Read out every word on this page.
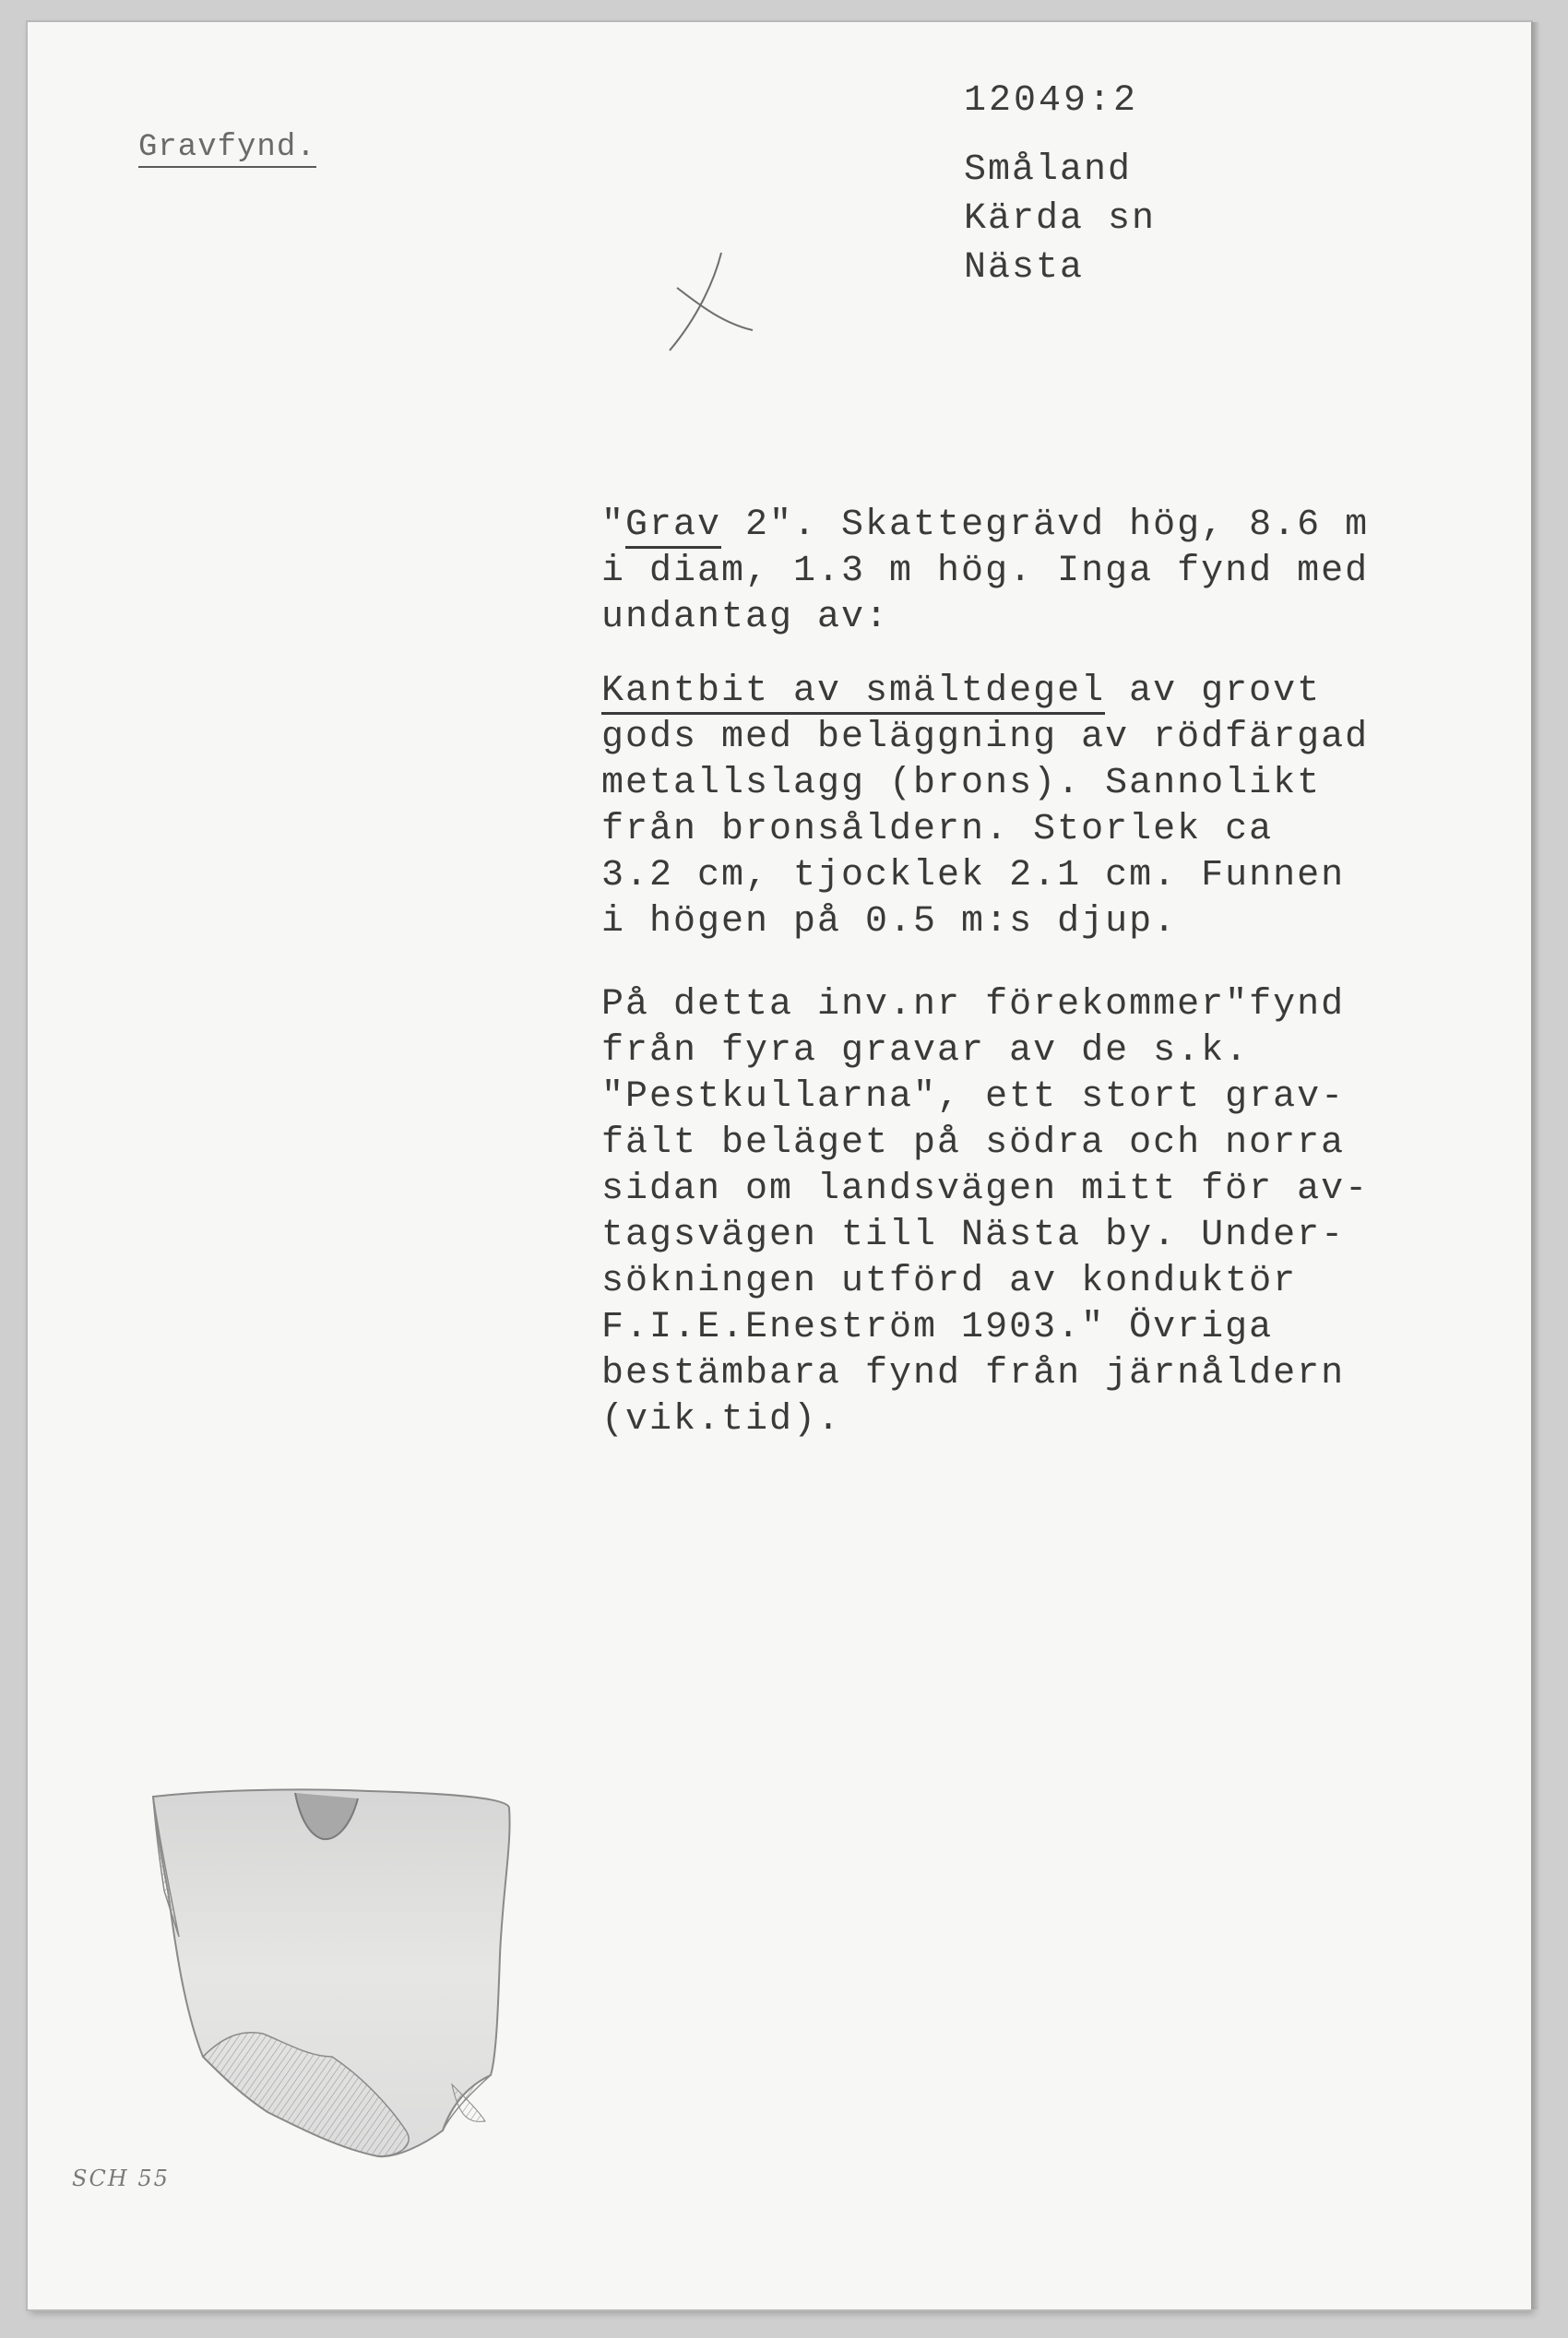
Gravfynd.
12049:2
Småland
Kärda sn
Nästa
"Grav 2". Skattegrävd hög, 8.6 m
i diam, 1.3 m hög. Inga fynd med
undantag av:
Kantbit av smältdegel av grovt
gods med beläggning av rödfärgad
metallslagg (brons). Sannolikt
från bronsåldern. Storlek ca
3.2 cm, tjocklek 2.1 cm. Funnen
i högen på 0.5 m:s djup.
På detta inv.nr förekommer"fynd
från fyra gravar av de s.k.
"Pestkullarna", ett stort grav-
fält beläget på södra och norra
sidan om landsvägen mitt för av-
tagsvägen till Nästa by. Under-
sökningen utförd av konduktör
F.I.E.Eneström 1903." Övriga
bestämbara fynd från järnåldern
(vik.tid).
SCH 55
